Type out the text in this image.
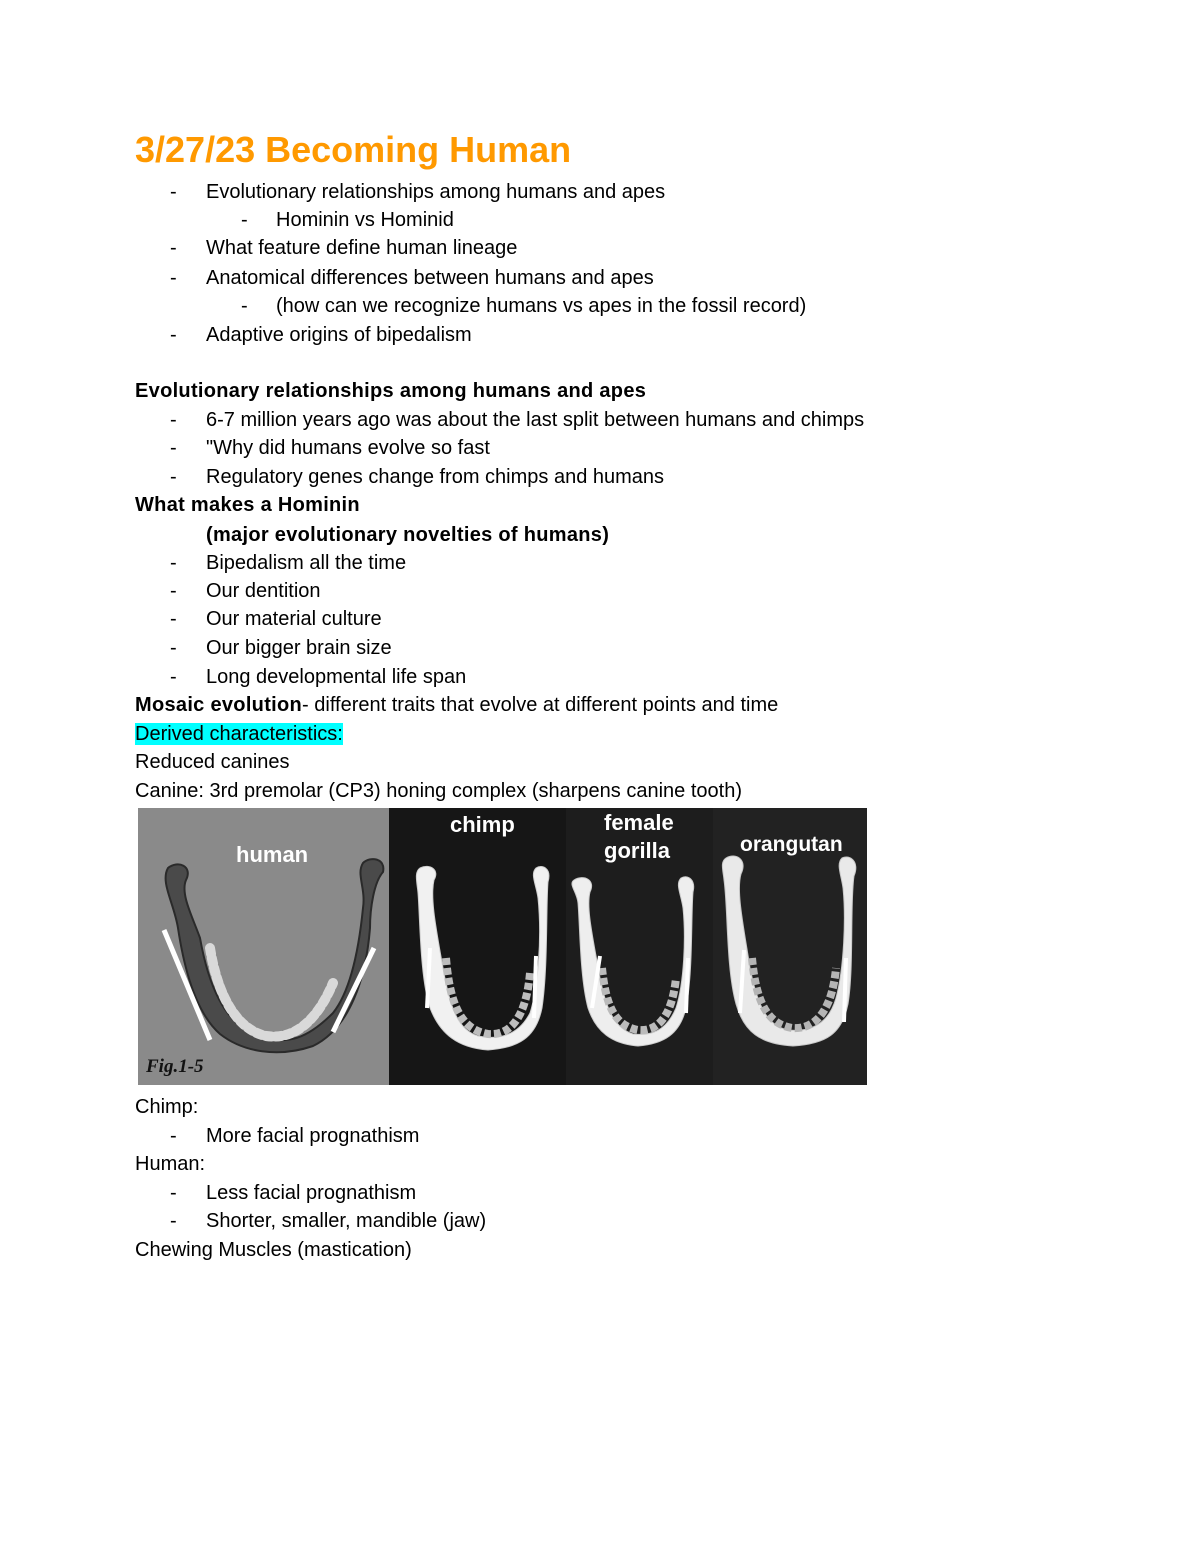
3/27/23 Becoming Human
- Evolutionary relationships among humans and apes
- Hominin vs Hominid
- What feature define human lineage
- Anatomical differences between humans and apes
- (how can we recognize humans vs apes in the fossil record)
- Adaptive origins of bipedalism
Evolutionary relationships among humans and apes
- 6-7 million years ago was about the last split between humans and chimps
- "Why did humans evolve so fast
- Regulatory genes change from chimps and humans
What makes a Hominin
(major evolutionary novelties of humans)
- Bipedalism all the time
- Our dentition
- Our material culture
- Our bigger brain size
- Long developmental life span
Mosaic evolution- different traits that evolve at different points and time
Derived characteristics:
Reduced canines
Canine: 3rd premolar (CP3) honing complex (sharpens canine tooth)
human
chimp	female
gorilla	orangutan
Fig.1-5
Chimp:
- More facial prognathism
Human:
- Less facial prognathism
- Shorter, smaller, mandible (jaw)
Chewing Muscles (mastication)
